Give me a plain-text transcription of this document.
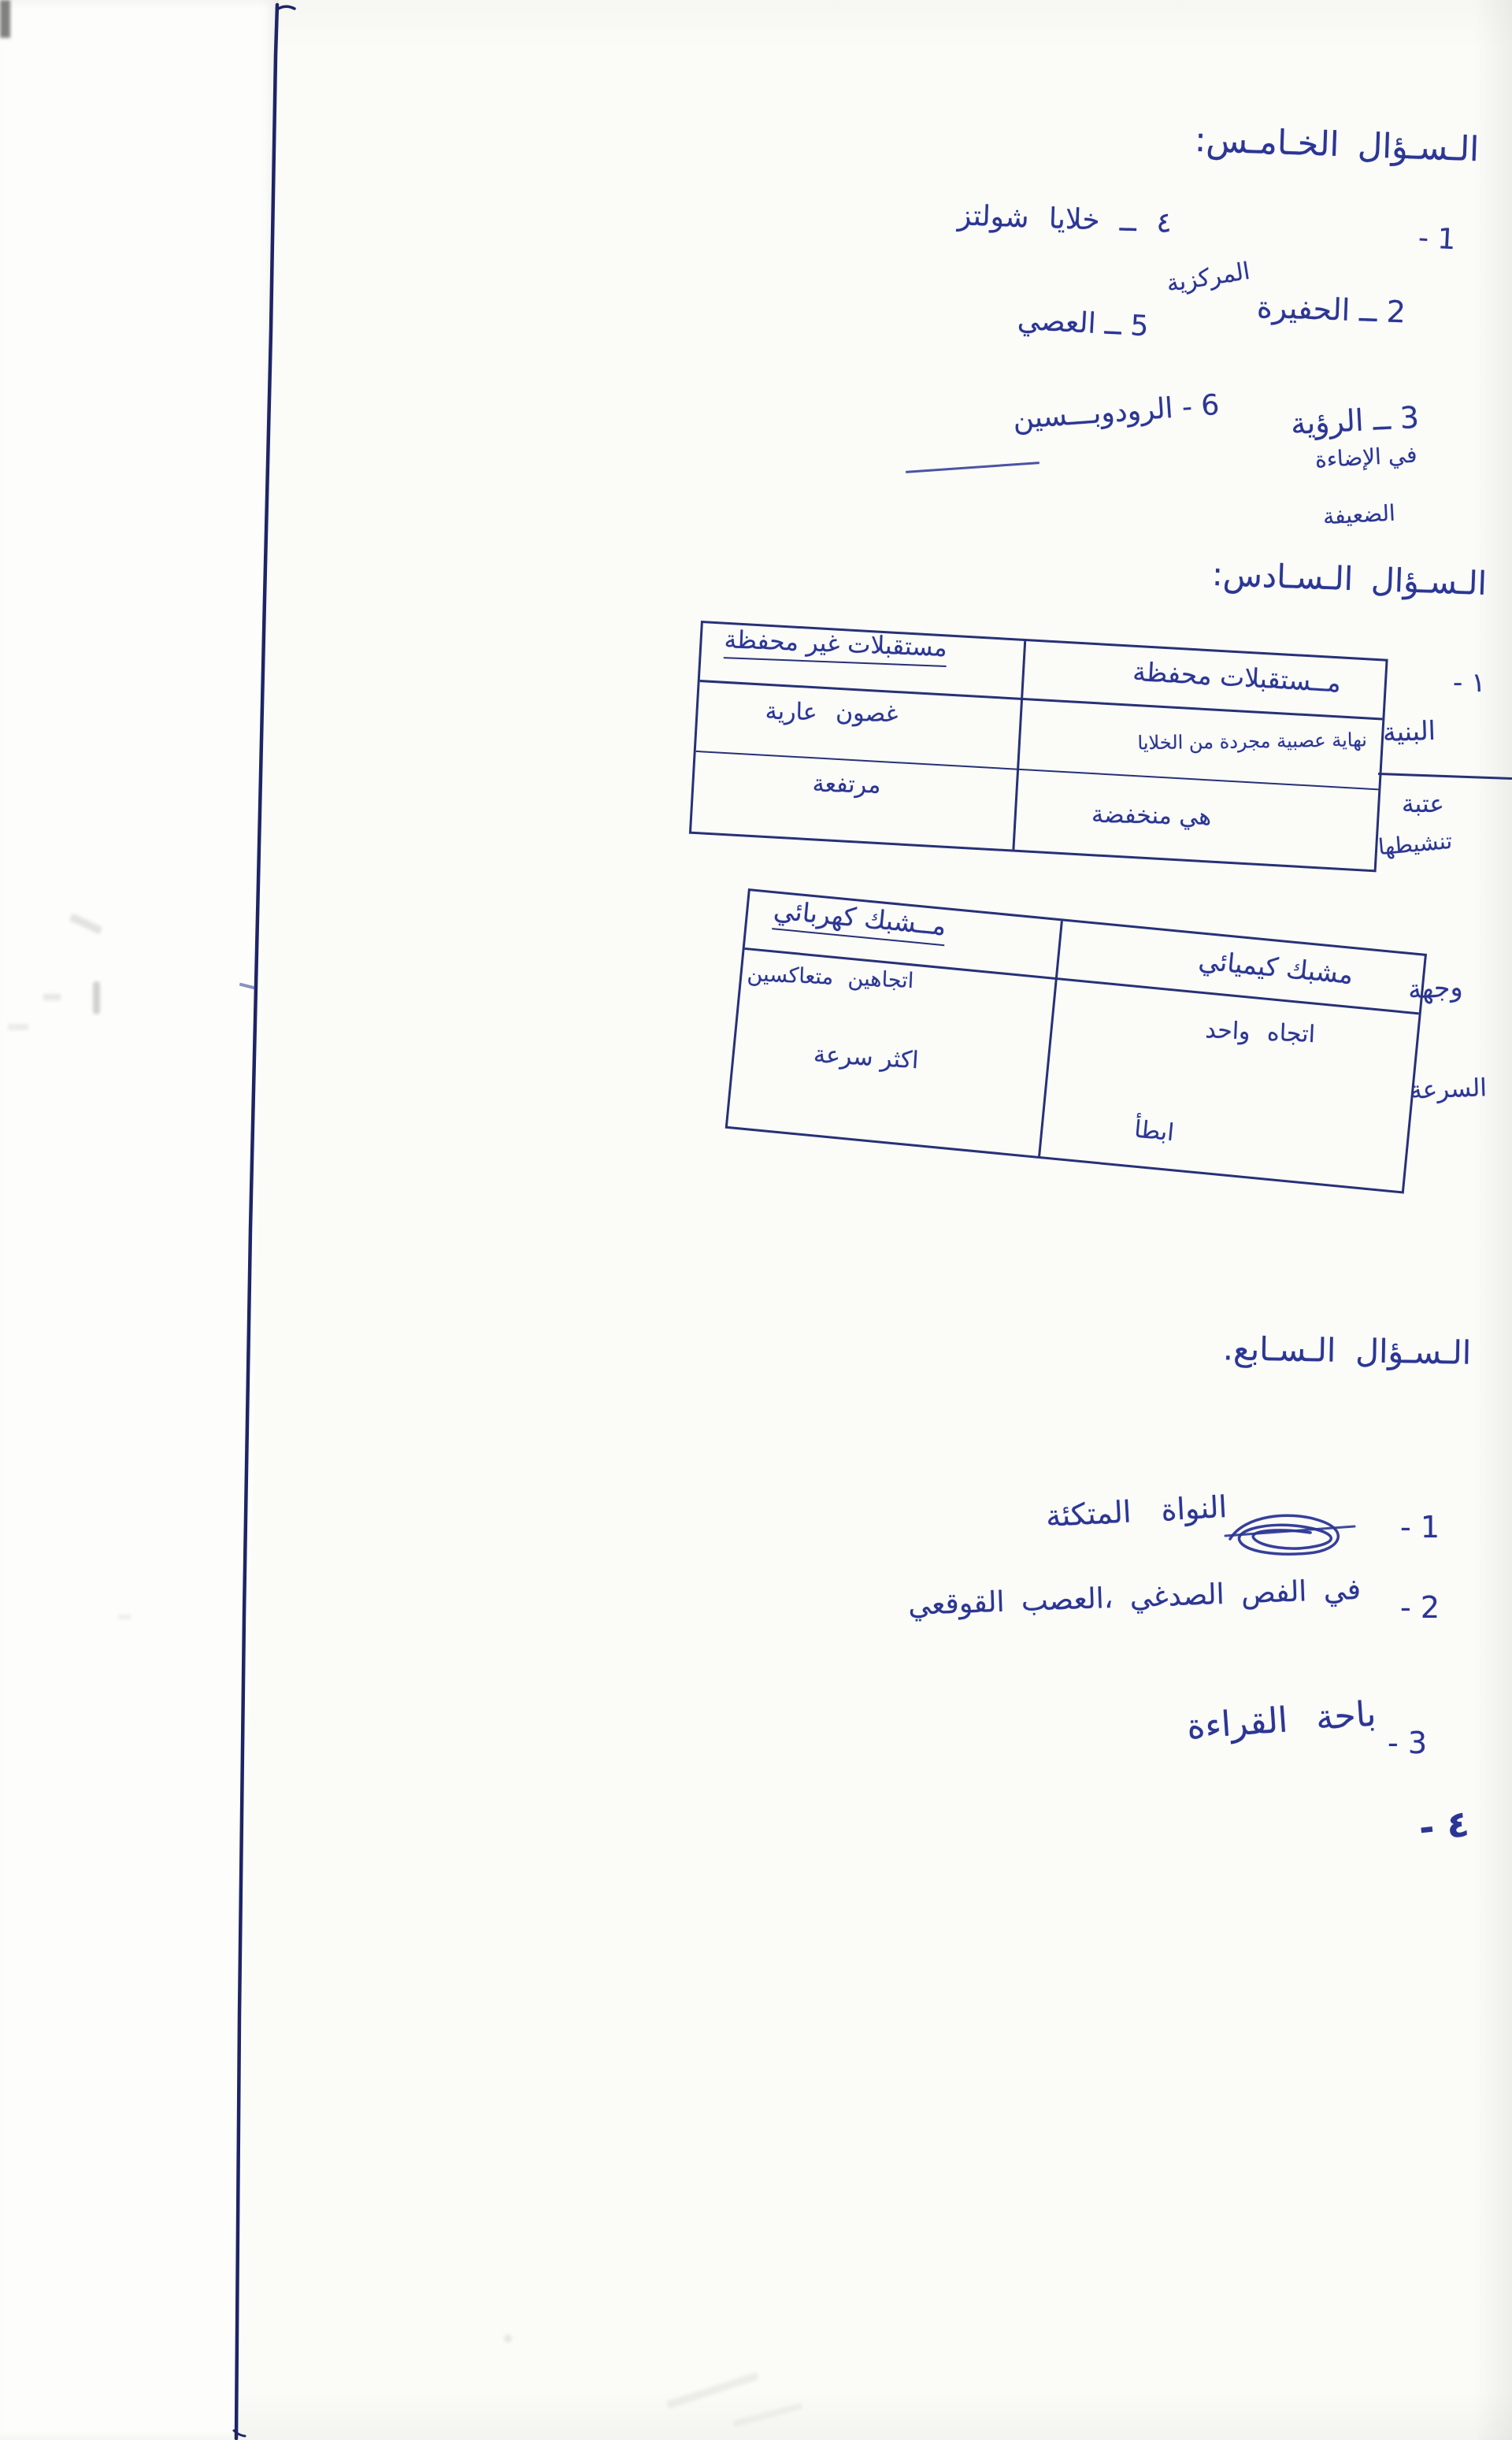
الـسـؤال الخـامـس:
1 -
٤ ــ خلايا شولتز
2 ــ الحفيرة
المركزية
5 ــ العصي
3 ــ الرؤية
6 - الرودوبـــسين
في الإضاءة
الضعيفة
الـسـؤال الـسـادس:
مــستقبلات محفظة
مستقبلات غير محفظة
نهاية عصبية مجردة من الخلايا
غصون عارية
هي منخفضة
مرتفعة
١ -
البنية
عتبة
تنشيطها
مشبك كيميائي
مــشبك كهربائي
اتجاه واحد
اتجاهين متعاكسين
اكثر سرعة
ابطأ
وجهة
السرعة
الـسـؤال الـسـابع.
1 -
النواة المتكئة
2 -
في الفص الصدغي ،العصب القوقعي
3 -
باحة القراءة
٤ -
